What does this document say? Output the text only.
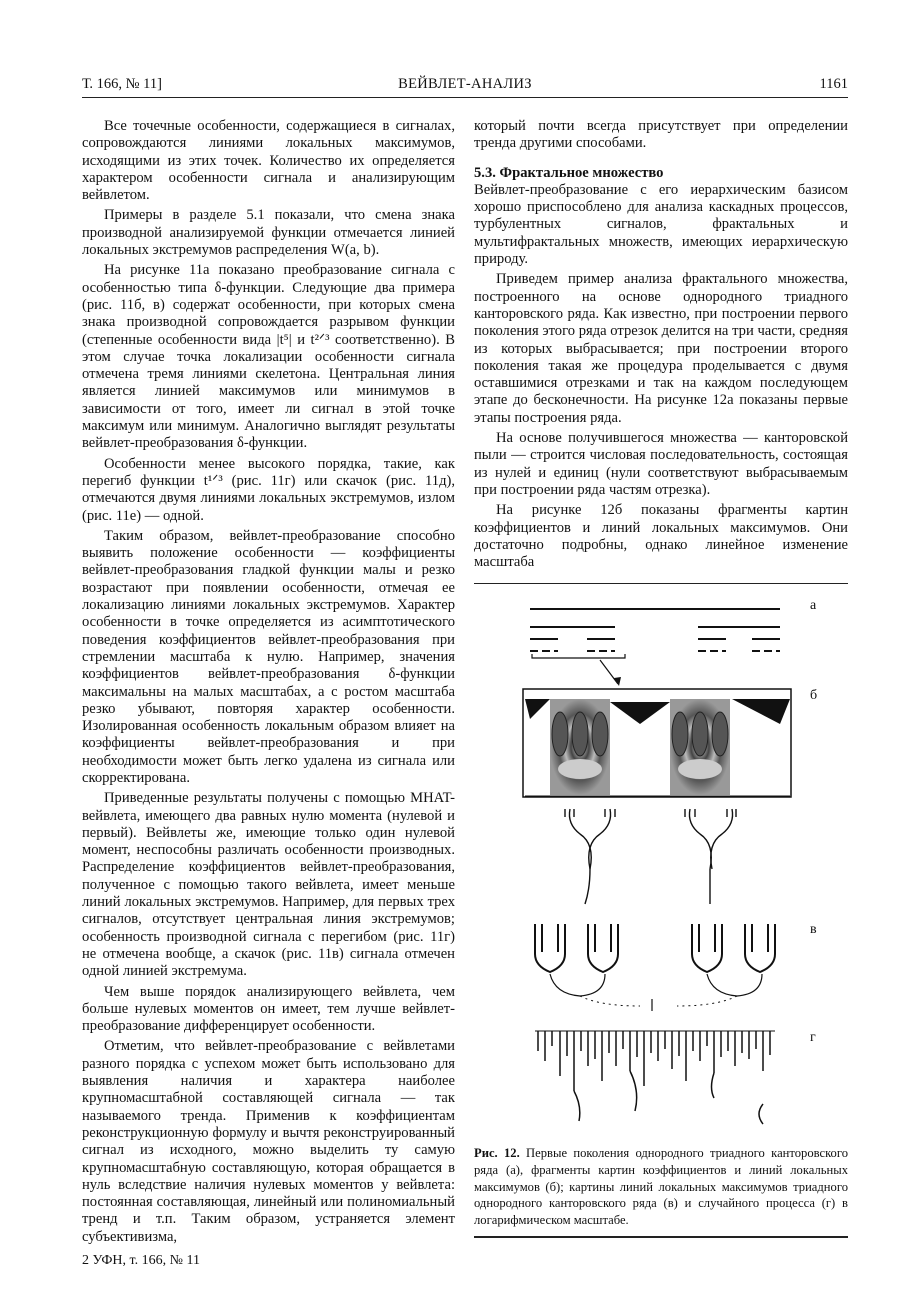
Т. 166, № 11]	ВЕЙВЛЕТ-АНАЛИЗ	1161

Все точечные особенности, содержащиеся в сигналах, сопровождаются линиями локальных максимумов, исходящими из этих точек. Количество их определяется характером особенности сигнала и анализирующим вейвлетом.

Примеры в разделе 5.1 показали, что смена знака производной анализируемой функции отмечается линией локальных экстремумов распределения W(a, b).

На рисунке 11а показано преобразование сигнала с особенностью типа δ-функции. Следующие два примера (рис. 11б, в) содержат особенности, при которых смена знака производной сопровождается разрывом функции (степенные особенности вида |t⁵| и t²ᐟ³ соответственно). В этом случае точка локализации особенности сигнала отмечена тремя линиями скелетона. Центральная линия является линией максимумов или минимумов в зависимости от того, имеет ли сигнал в этой точке максимум или минимум. Аналогично выглядят результаты вейвлет-преобразования δ-функции.

Особенности менее высокого порядка, такие, как перегиб функции t¹ᐟ³ (рис. 11г) или скачок (рис. 11д), отмечаются двумя линиями локальных экстремумов, излом (рис. 11е) — одной.

Таким образом, вейвлет-преобразование способно выявить положение особенности — коэффициенты вейвлет-преобразования гладкой функции малы и резко возрастают при появлении особенности, отмечая ее локализацию линиями локальных экстремумов. Характер особенности в точке определяется из асимптотического поведения коэффициентов вейвлет-преобразования при стремлении масштаба к нулю. Например, значения коэффициентов вейвлет-преобразования δ-функции максимальны на малых масштабах, а с ростом масштаба резко убывают, повторяя характер особенности. Изолированная особенность локальным образом влияет на коэффициенты вейвлет-преобразования и при необходимости может быть легко удалена из сигнала или скорректирована.

Приведенные результаты получены с помощью MHAT-вейвлета, имеющего два равных нулю момента (нулевой и первый). Вейвлеты же, имеющие только один нулевой момент, неспособны различать особенности производных. Распределение коэффициентов вейвлет-преобразования, полученное с помощью такого вейвлета, имеет меньше линий локальных экстремумов. Например, для первых трех сигналов, отсутствует центральная линия экстремумов; особенность производной сигнала с перегибом (рис. 11г) не отмечена вообще, а скачок (рис. 11в) сигнала отмечен одной линией экстремума.

Чем выше порядок анализирующего вейвлета, чем больше нулевых моментов он имеет, тем лучше вейвлет-преобразование дифференцирует особенности.

Отметим, что вейвлет-преобразование с вейвлетами разного порядка с успехом может быть использовано для выявления наличия и характера наиболее крупномасштабной составляющей сигнала — так называемого тренда. Применив к коэффициентам реконструкционную формулу и вычтя реконструированный сигнал из исходного, можно выделить ту самую крупномасштабную составляющую, которая обращается в нуль вследствие наличия нулевых моментов у вейвлета: постоянная составляющая, линейный или полиномиальный тренд и т.п. Таким образом, устраняется элемент субъективизма,

2 УФН, т. 166, № 11

который почти всегда присутствует при определении тренда другими способами.

5.3. Фрактальное множество

Вейвлет-преобразование с его иерархическим базисом хорошо приспособлено для анализа каскадных процессов, турбулентных сигналов, фрактальных и мультифрактальных множеств, имеющих иерархическую природу.

Приведем пример анализа фрактального множества, построенного на основе однородного триадного канторовского ряда. Как известно, при построении первого поколения этого ряда отрезок делится на три части, средняя из которых выбрасывается; при построении второго поколения такая же процедура проделывается с двумя оставшимися отрезками и так на каждом последующем этапе до бесконечности. На рисунке 12а показаны первые этапы построения ряда.

На основе получившегося множества — канторовской пыли — строится числовая последовательность, состоящая из нулей и единиц (нули соответствуют выбрасываемым при построении ряда частям отрезка).

На рисунке 12б показаны фрагменты картин коэффициентов и линий локальных максимумов. Они достаточно подробны, однако линейное изменение масштаба

а
б
в
г
Рис. 12. Первые поколения однородного триадного канторовского ряда (а), фрагменты картин коэффициентов и линий локальных максимумов (б); картины линий локальных максимумов триадного однородного канторовского ряда (в) и случайного процесса (г) в логарифмическом масштабе.
